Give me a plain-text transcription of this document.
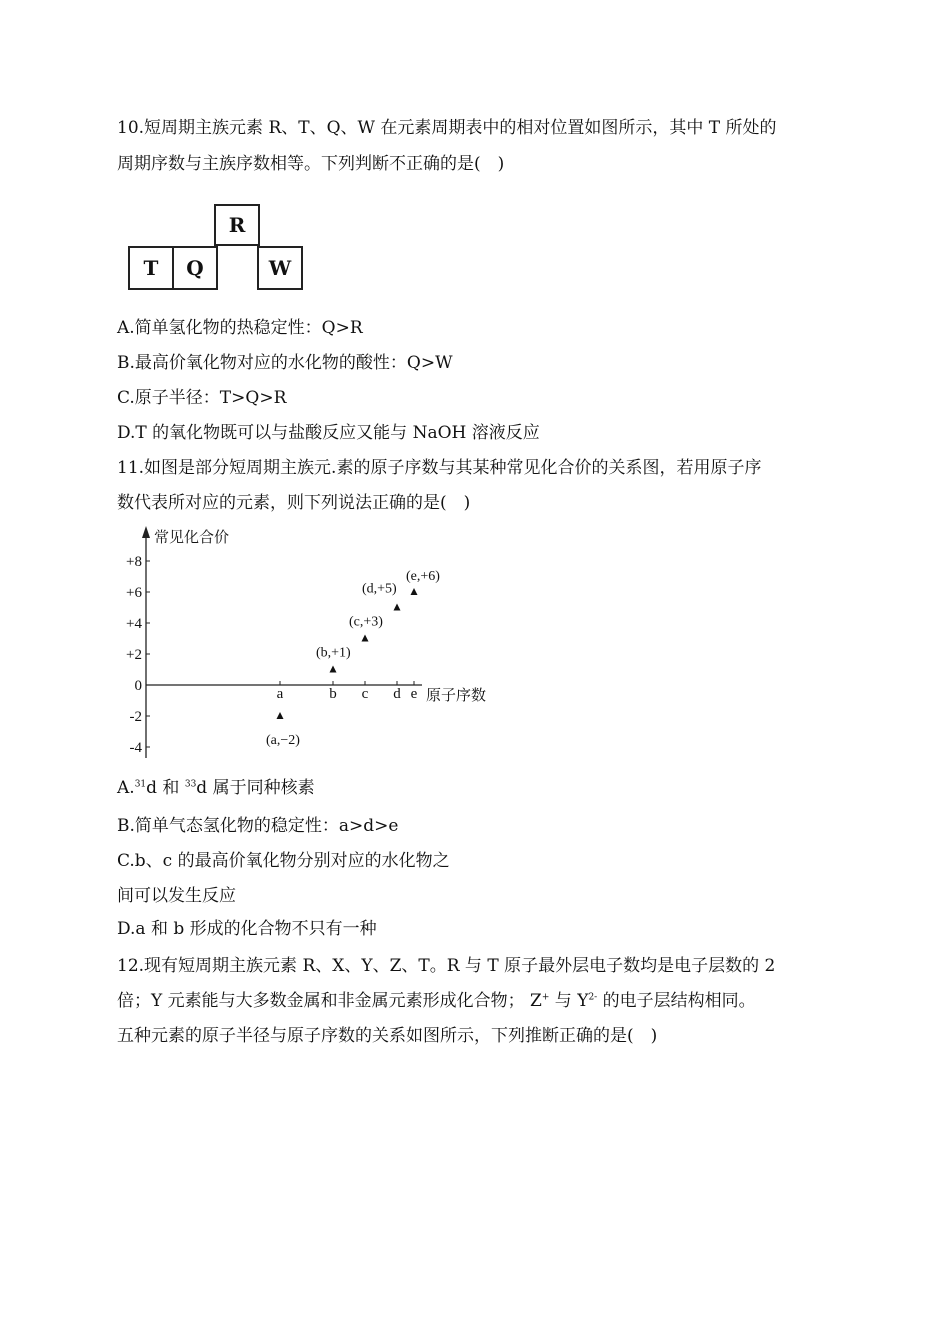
10.短周期主族元素 R、T、Q、W 在元素周期表中的相对位置如图所示，其中 T 所处的
周期序数与主族序数相等。下列判断不正确的是(　)
T	Q
R
W
A.简单氢化物的热稳定性：Q>R
B.最高价氧化物对应的水化物的酸性：Q>W
C.原子半径：T>Q>R
D.T 的氧化物既可以与盐酸反应又能与 NaOH 溶液反应
11.如图是部分短周期主族元.素的原子序数与其某种常见化合价的关系图，若用原子序
数代表所对应的元素，则下列说法正确的是(　)
常见化合价
原子序数
+8
+6
+4
+2
0
-2
-4
a	b c d e
(a,−2)
(b,+1)
(c,+3)
(d,+5)
(e,+6)
A.$^{31}$d 和 $^{33}$d 属于同种核素
B.简单气态氢化物的稳定性：a>d>e
C.b、c 的最高价氧化物分别对应的水化物之
间可以发生反应
D.a 和 b 形成的化合物不只有一种
12.现有短周期主族元素 R、X、Y、Z、T。R 与 T 原子最外层电子数均是电子层数的 2
倍；Y 元素能与大多数金属和非金属元素形成化合物； Z+ 与 $Y^{2-}$ 的电子层结构相同。
五种元素的原子半径与原子序数的关系如图所示，下列推断正确的是(　)
